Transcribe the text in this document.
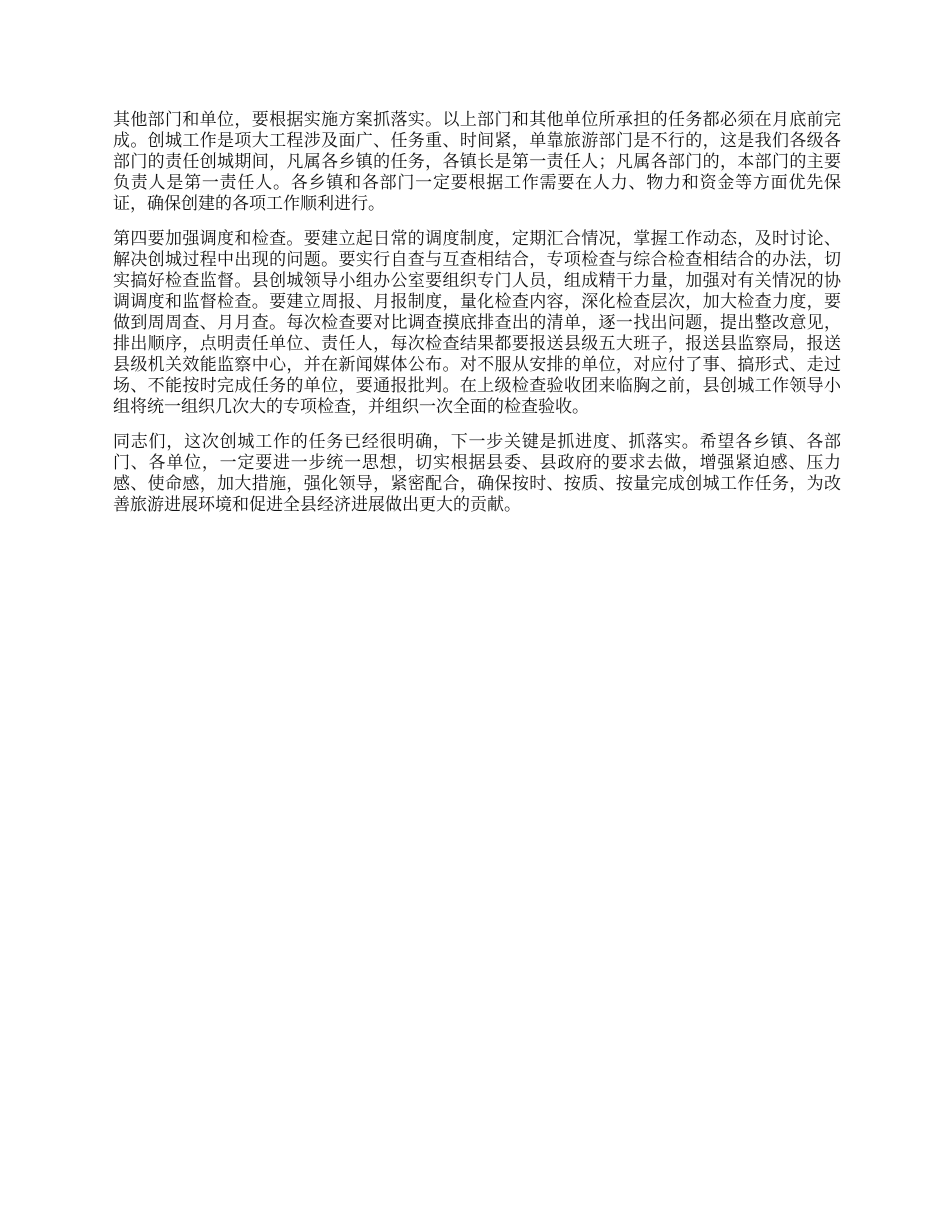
其他部门和单位，要根据实施方案抓落实。以上部门和其他单位所承担的任务都必须在月底前完成。创城工作是项大工程涉及面广、任务重、时间紧，单靠旅游部门是不行的，这是我们各级各部门的责任创城期间，凡属各乡镇的任务，各镇长是第一责任人；凡属各部门的，本部门的主要负责人是第一责任人。各乡镇和各部门一定要根据工作需要在人力、物力和资金等方面优先保证，确保创建的各项工作顺利进行。

第四要加强调度和检查。要建立起日常的调度制度，定期汇合情况，掌握工作动态，及时讨论、解决创城过程中出现的问题。要实行自查与互查相结合，专项检查与综合检查相结合的办法，切实搞好检查监督。县创城领导小组办公室要组织专门人员，组成精干力量，加强对有关情况的协调调度和监督检查。要建立周报、月报制度，量化检查内容，深化检查层次，加大检查力度，要做到周周查、月月查。每次检查要对比调查摸底排查出的清单，逐一找出问题，提出整改意见，排出顺序，点明责任单位、责任人，每次检查结果都要报送县级五大班子，报送县监察局，报送县级机关效能监察中心，并在新闻媒体公布。对不服从安排的单位，对应付了事、搞形式、走过场、不能按时完成任务的单位，要通报批判。在上级检查验收团来临胸之前，县创城工作领导小组将统一组织几次大的专项检查，并组织一次全面的检查验收。

同志们，这次创城工作的任务已经很明确，下一步关键是抓进度、抓落实。希望各乡镇、各部门、各单位，一定要进一步统一思想，切实根据县委、县政府的要求去做，增强紧迫感、压力感、使命感，加大措施，强化领导，紧密配合，确保按时、按质、按量完成创城工作任务，为改善旅游进展环境和促进全县经济进展做出更大的贡献。
